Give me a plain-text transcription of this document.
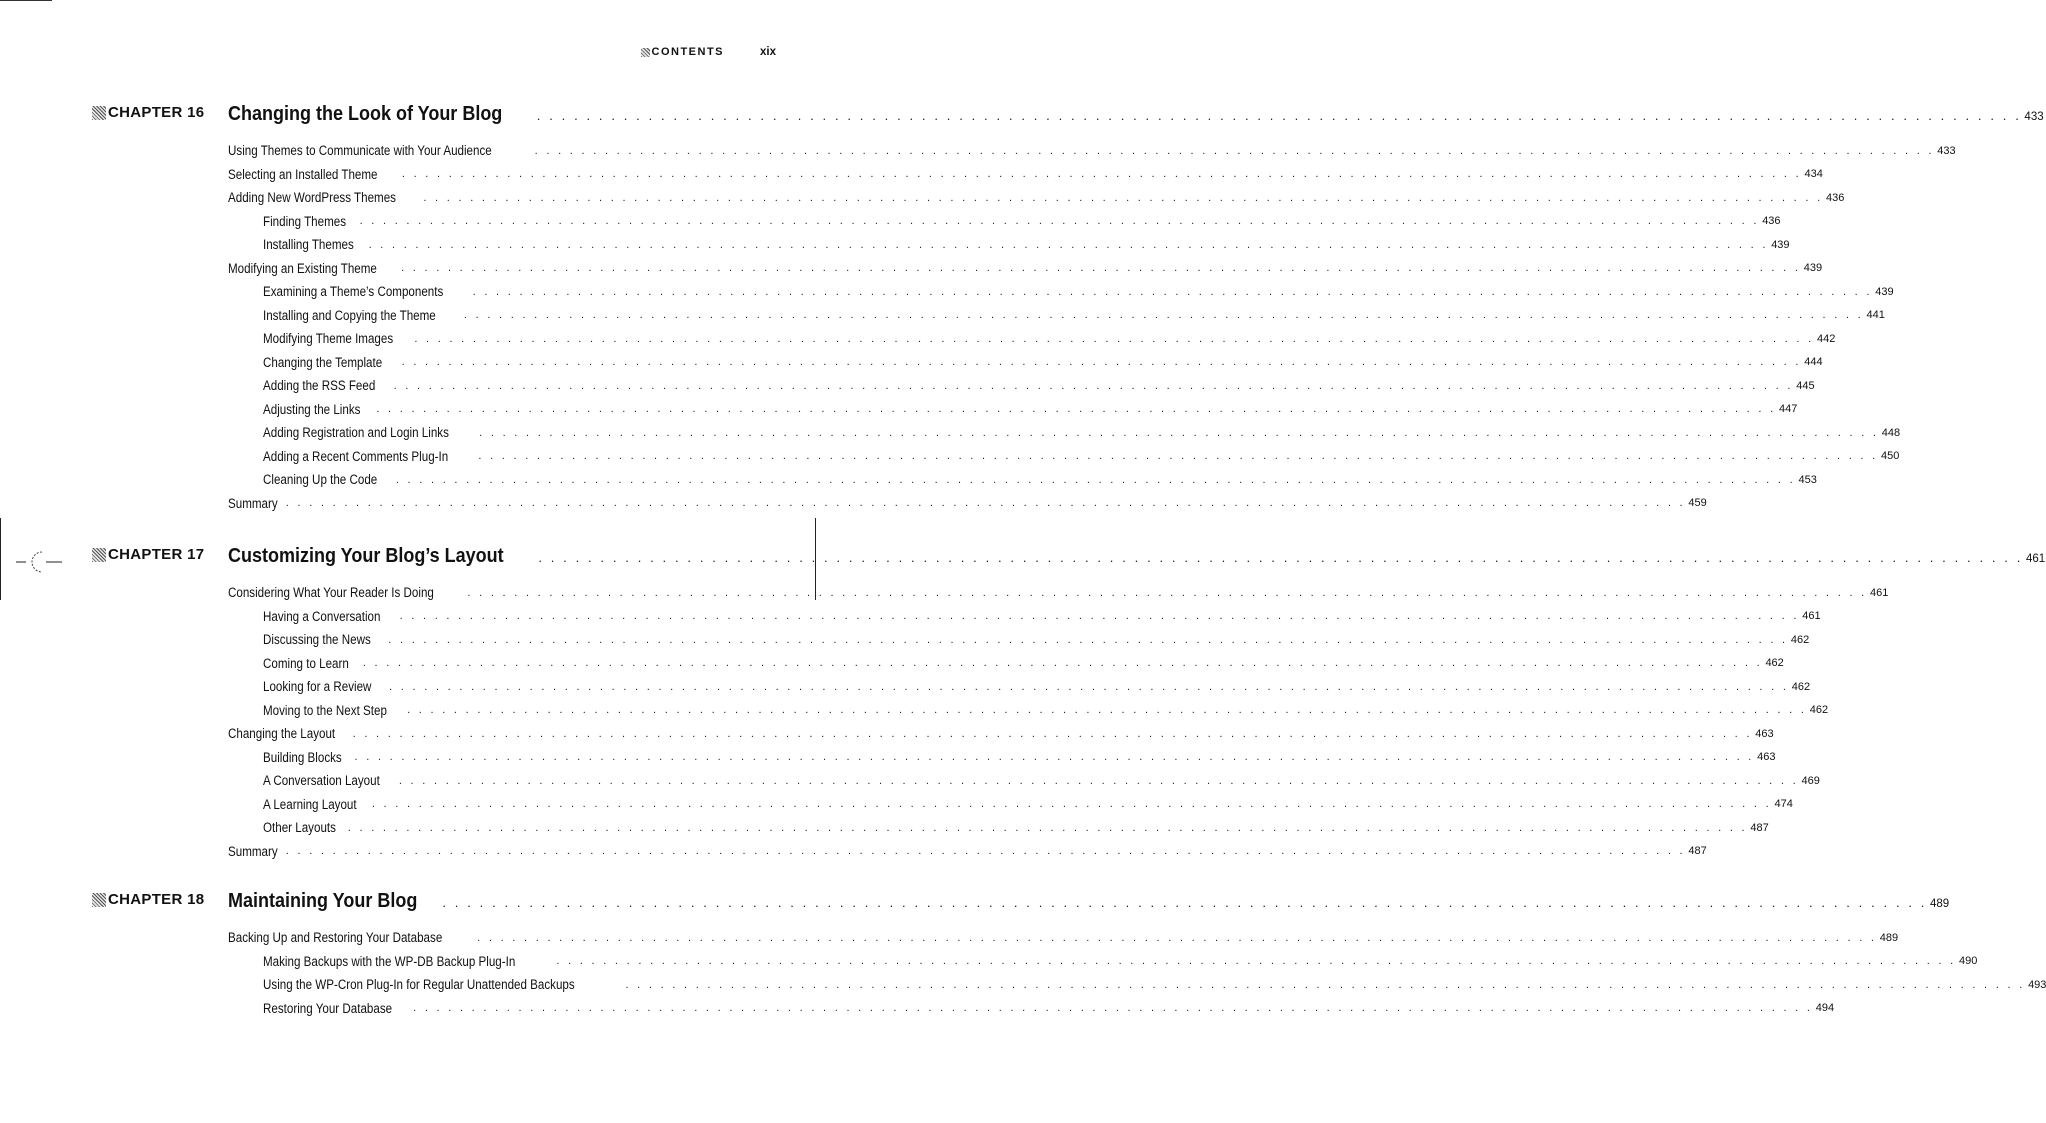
CONTENTS	xix
CHAPTER 16 Changing the Look of Your Blog	. . . . . . . . . . . . . . . . . . . . . . . . . . . . . . . . . . . . . . . . . . . . . . . . . . . . . . . . . . . . . . . . . . . . . . . . . . . . . . . . . . . . . . . . . . . . . . . . . . . . . . . . . . . . . . . . . . . . . . . . 433
Using Themes to Communicate with Your Audience	. . . . . . . . . . . . . . . . . . . . . . . . . . . . . . . . . . . . . . . . . . . . . . . . . . . . . . . . . . . . . . . . . . . . . . . . . . . . . . . . . . . . . . . . . . . . . . . . . . . . . . . . . . . . . . . . . . . . . . . . 433
Selecting an Installed Theme . . . . . . . . . . . . . . . . . . . . . . . . . . . . . . . . . . . . . . . . . . . . . . . . . . . . . . . . . . . . . . . . . . . . . . . . . . . . . . . . . . . . . . . . . . . . . . . . . . . . . . . . . . . . . . . . . . . . . . . . 434
Adding New WordPress Themes . . . . . . . . . . . . . . . . . . . . . . . . . . . . . . . . . . . . . . . . . . . . . . . . . . . . . . . . . . . . . . . . . . . . . . . . . . . . . . . . . . . . . . . . . . . . . . . . . . . . . . . . . . . . . . . . . . . . . . . . 436
Finding Themes . . . . . . . . . . . . . . . . . . . . . . . . . . . . . . . . . . . . . . . . . . . . . . . . . . . . . . . . . . . . . . . . . . . . . . . . . . . . . . . . . . . . . . . . . . . . . . . . . . . . . . . . . . . . . . . . . . . . . . . . 436
Installing Themes . . . . . . . . . . . . . . . . . . . . . . . . . . . . . . . . . . . . . . . . . . . . . . . . . . . . . . . . . . . . . . . . . . . . . . . . . . . . . . . . . . . . . . . . . . . . . . . . . . . . . . . . . . . . . . . . . . . . . . . . 439
Modifying an Existing Theme . . . . . . . . . . . . . . . . . . . . . . . . . . . . . . . . . . . . . . . . . . . . . . . . . . . . . . . . . . . . . . . . . . . . . . . . . . . . . . . . . . . . . . . . . . . . . . . . . . . . . . . . . . . . . . . . . . . . . . . . 439
Examining a Theme’s Components	. . . . . . . . . . . . . . . . . . . . . . . . . . . . . . . . . . . . . . . . . . . . . . . . . . . . . . . . . . . . . . . . . . . . . . . . . . . . . . . . . . . . . . . . . . . . . . . . . . . . . . . . . . . . . . . . . . . . . . . . 439
Installing and Copying the Theme	. . . . . . . . . . . . . . . . . . . . . . . . . . . . . . . . . . . . . . . . . . . . . . . . . . . . . . . . . . . . . . . . . . . . . . . . . . . . . . . . . . . . . . . . . . . . . . . . . . . . . . . . . . . . . . . . . . . . . . . . 441
Modifying Theme Images . . . . . . . . . . . . . . . . . . . . . . . . . . . . . . . . . . . . . . . . . . . . . . . . . . . . . . . . . . . . . . . . . . . . . . . . . . . . . . . . . . . . . . . . . . . . . . . . . . . . . . . . . . . . . . . . . . . . . . . . 442
Changing the Template . . . . . . . . . . . . . . . . . . . . . . . . . . . . . . . . . . . . . . . . . . . . . . . . . . . . . . . . . . . . . . . . . . . . . . . . . . . . . . . . . . . . . . . . . . . . . . . . . . . . . . . . . . . . . . . . . . . . . . . . 444
Adding the RSS Feed . . . . . . . . . . . . . . . . . . . . . . . . . . . . . . . . . . . . . . . . . . . . . . . . . . . . . . . . . . . . . . . . . . . . . . . . . . . . . . . . . . . . . . . . . . . . . . . . . . . . . . . . . . . . . . . . . . . . . . . . 445
Adjusting the Links . . . . . . . . . . . . . . . . . . . . . . . . . . . . . . . . . . . . . . . . . . . . . . . . . . . . . . . . . . . . . . . . . . . . . . . . . . . . . . . . . . . . . . . . . . . . . . . . . . . . . . . . . . . . . . . . . . . . . . . . 447
Adding Registration and Login Links	. . . . . . . . . . . . . . . . . . . . . . . . . . . . . . . . . . . . . . . . . . . . . . . . . . . . . . . . . . . . . . . . . . . . . . . . . . . . . . . . . . . . . . . . . . . . . . . . . . . . . . . . . . . . . . . . . . . . . . . . 448
Adding a Recent Comments Plug-In	. . . . . . . . . . . . . . . . . . . . . . . . . . . . . . . . . . . . . . . . . . . . . . . . . . . . . . . . . . . . . . . . . . . . . . . . . . . . . . . . . . . . . . . . . . . . . . . . . . . . . . . . . . . . . . . . . . . . . . . . 450
Cleaning Up the Code . . . . . . . . . . . . . . . . . . . . . . . . . . . . . . . . . . . . . . . . . . . . . . . . . . . . . . . . . . . . . . . . . . . . . . . . . . . . . . . . . . . . . . . . . . . . . . . . . . . . . . . . . . . . . . . . . . . . . . . . 453
Summary . . . . . . . . . . . . . . . . . . . . . . . . . . . . . . . . . . . . . . . . . . . . . . . . . . . . . . . . . . . . . . . . . . . . . . . . . . . . . . . . . . . . . . . . . . . . . . . . . . . . . . . . . . . . . . . . . . . . . . . . 459
CHAPTER 17 Customizing Your Blog’s Layout	. . . . . . . . . . . . . . . . . . . . . . . . . . . . . . . . . . . . . . . . . . . . . . . . . . . . . . . . . . . . . . . . . . . . . . . . . . . . . . . . . . . . . . . . . . . . . . . . . . . . . . . . . . . . . . . . . . . . . . . . 461
Considering What Your Reader Is Doing	. . . . . . . . . . . . . . . . . . . . . . . . . . . . . . . . . . . . . . . . . . . . . . . . . . . . . . . . . . . . . . . . . . . . . . . . . . . . . . . . . . . . . . . . . . . . . . . . . . . . . . . . . . . . . . . . . . . . . . . . 461
Having a Conversation . . . . . . . . . . . . . . . . . . . . . . . . . . . . . . . . . . . . . . . . . . . . . . . . . . . . . . . . . . . . . . . . . . . . . . . . . . . . . . . . . . . . . . . . . . . . . . . . . . . . . . . . . . . . . . . . . . . . . . . . 461
Discussing the News . . . . . . . . . . . . . . . . . . . . . . . . . . . . . . . . . . . . . . . . . . . . . . . . . . . . . . . . . . . . . . . . . . . . . . . . . . . . . . . . . . . . . . . . . . . . . . . . . . . . . . . . . . . . . . . . . . . . . . . . 462
Coming to Learn . . . . . . . . . . . . . . . . . . . . . . . . . . . . . . . . . . . . . . . . . . . . . . . . . . . . . . . . . . . . . . . . . . . . . . . . . . . . . . . . . . . . . . . . . . . . . . . . . . . . . . . . . . . . . . . . . . . . . . . . 462
Looking for a Review . . . . . . . . . . . . . . . . . . . . . . . . . . . . . . . . . . . . . . . . . . . . . . . . . . . . . . . . . . . . . . . . . . . . . . . . . . . . . . . . . . . . . . . . . . . . . . . . . . . . . . . . . . . . . . . . . . . . . . . . 462
Moving to the Next Step . . . . . . . . . . . . . . . . . . . . . . . . . . . . . . . . . . . . . . . . . . . . . . . . . . . . . . . . . . . . . . . . . . . . . . . . . . . . . . . . . . . . . . . . . . . . . . . . . . . . . . . . . . . . . . . . . . . . . . . . 462
Changing the Layout . . . . . . . . . . . . . . . . . . . . . . . . . . . . . . . . . . . . . . . . . . . . . . . . . . . . . . . . . . . . . . . . . . . . . . . . . . . . . . . . . . . . . . . . . . . . . . . . . . . . . . . . . . . . . . . . . . . . . . . . 463
Building Blocks . . . . . . . . . . . . . . . . . . . . . . . . . . . . . . . . . . . . . . . . . . . . . . . . . . . . . . . . . . . . . . . . . . . . . . . . . . . . . . . . . . . . . . . . . . . . . . . . . . . . . . . . . . . . . . . . . . . . . . . . 463
A Conversation Layout . . . . . . . . . . . . . . . . . . . . . . . . . . . . . . . . . . . . . . . . . . . . . . . . . . . . . . . . . . . . . . . . . . . . . . . . . . . . . . . . . . . . . . . . . . . . . . . . . . . . . . . . . . . . . . . . . . . . . . . . 469
A Learning Layout . . . . . . . . . . . . . . . . . . . . . . . . . . . . . . . . . . . . . . . . . . . . . . . . . . . . . . . . . . . . . . . . . . . . . . . . . . . . . . . . . . . . . . . . . . . . . . . . . . . . . . . . . . . . . . . . . . . . . . . . 474
Other Layouts . . . . . . . . . . . . . . . . . . . . . . . . . . . . . . . . . . . . . . . . . . . . . . . . . . . . . . . . . . . . . . . . . . . . . . . . . . . . . . . . . . . . . . . . . . . . . . . . . . . . . . . . . . . . . . . . . . . . . . . . 487
Summary . . . . . . . . . . . . . . . . . . . . . . . . . . . . . . . . . . . . . . . . . . . . . . . . . . . . . . . . . . . . . . . . . . . . . . . . . . . . . . . . . . . . . . . . . . . . . . . . . . . . . . . . . . . . . . . . . . . . . . . . 487
CHAPTER 18 Maintaining Your Blog . . . . . . . . . . . . . . . . . . . . . . . . . . . . . . . . . . . . . . . . . . . . . . . . . . . . . . . . . . . . . . . . . . . . . . . . . . . . . . . . . . . . . . . . . . . . . . . . . . . . . . . . . . . . . . . . . . . . . . . . 489
Backing Up and Restoring Your Database	. . . . . . . . . . . . . . . . . . . . . . . . . . . . . . . . . . . . . . . . . . . . . . . . . . . . . . . . . . . . . . . . . . . . . . . . . . . . . . . . . . . . . . . . . . . . . . . . . . . . . . . . . . . . . . . . . . . . . . . . 489
Making Backups with the WP-DB Backup Plug-In	. . . . . . . . . . . . . . . . . . . . . . . . . . . . . . . . . . . . . . . . . . . . . . . . . . . . . . . . . . . . . . . . . . . . . . . . . . . . . . . . . . . . . . . . . . . . . . . . . . . . . . . . . . . . . . . . . . . . . . . . 490
Using the WP-Cron Plug-In for Regular Unattended Backups	. . . . . . . . . . . . . . . . . . . . . . . . . . . . . . . . . . . . . . . . . . . . . . . . . . . . . . . . . . . . . . . . . . . . . . . . . . . . . . . . . . . . . . . . . . . . . . . . . . . . . . . . . . . . . . . . . . . . . . . . 493
Restoring Your Database . . . . . . . . . . . . . . . . . . . . . . . . . . . . . . . . . . . . . . . . . . . . . . . . . . . . . . . . . . . . . . . . . . . . . . . . . . . . . . . . . . . . . . . . . . . . . . . . . . . . . . . . . . . . . . . . . . . . . . . . 494
